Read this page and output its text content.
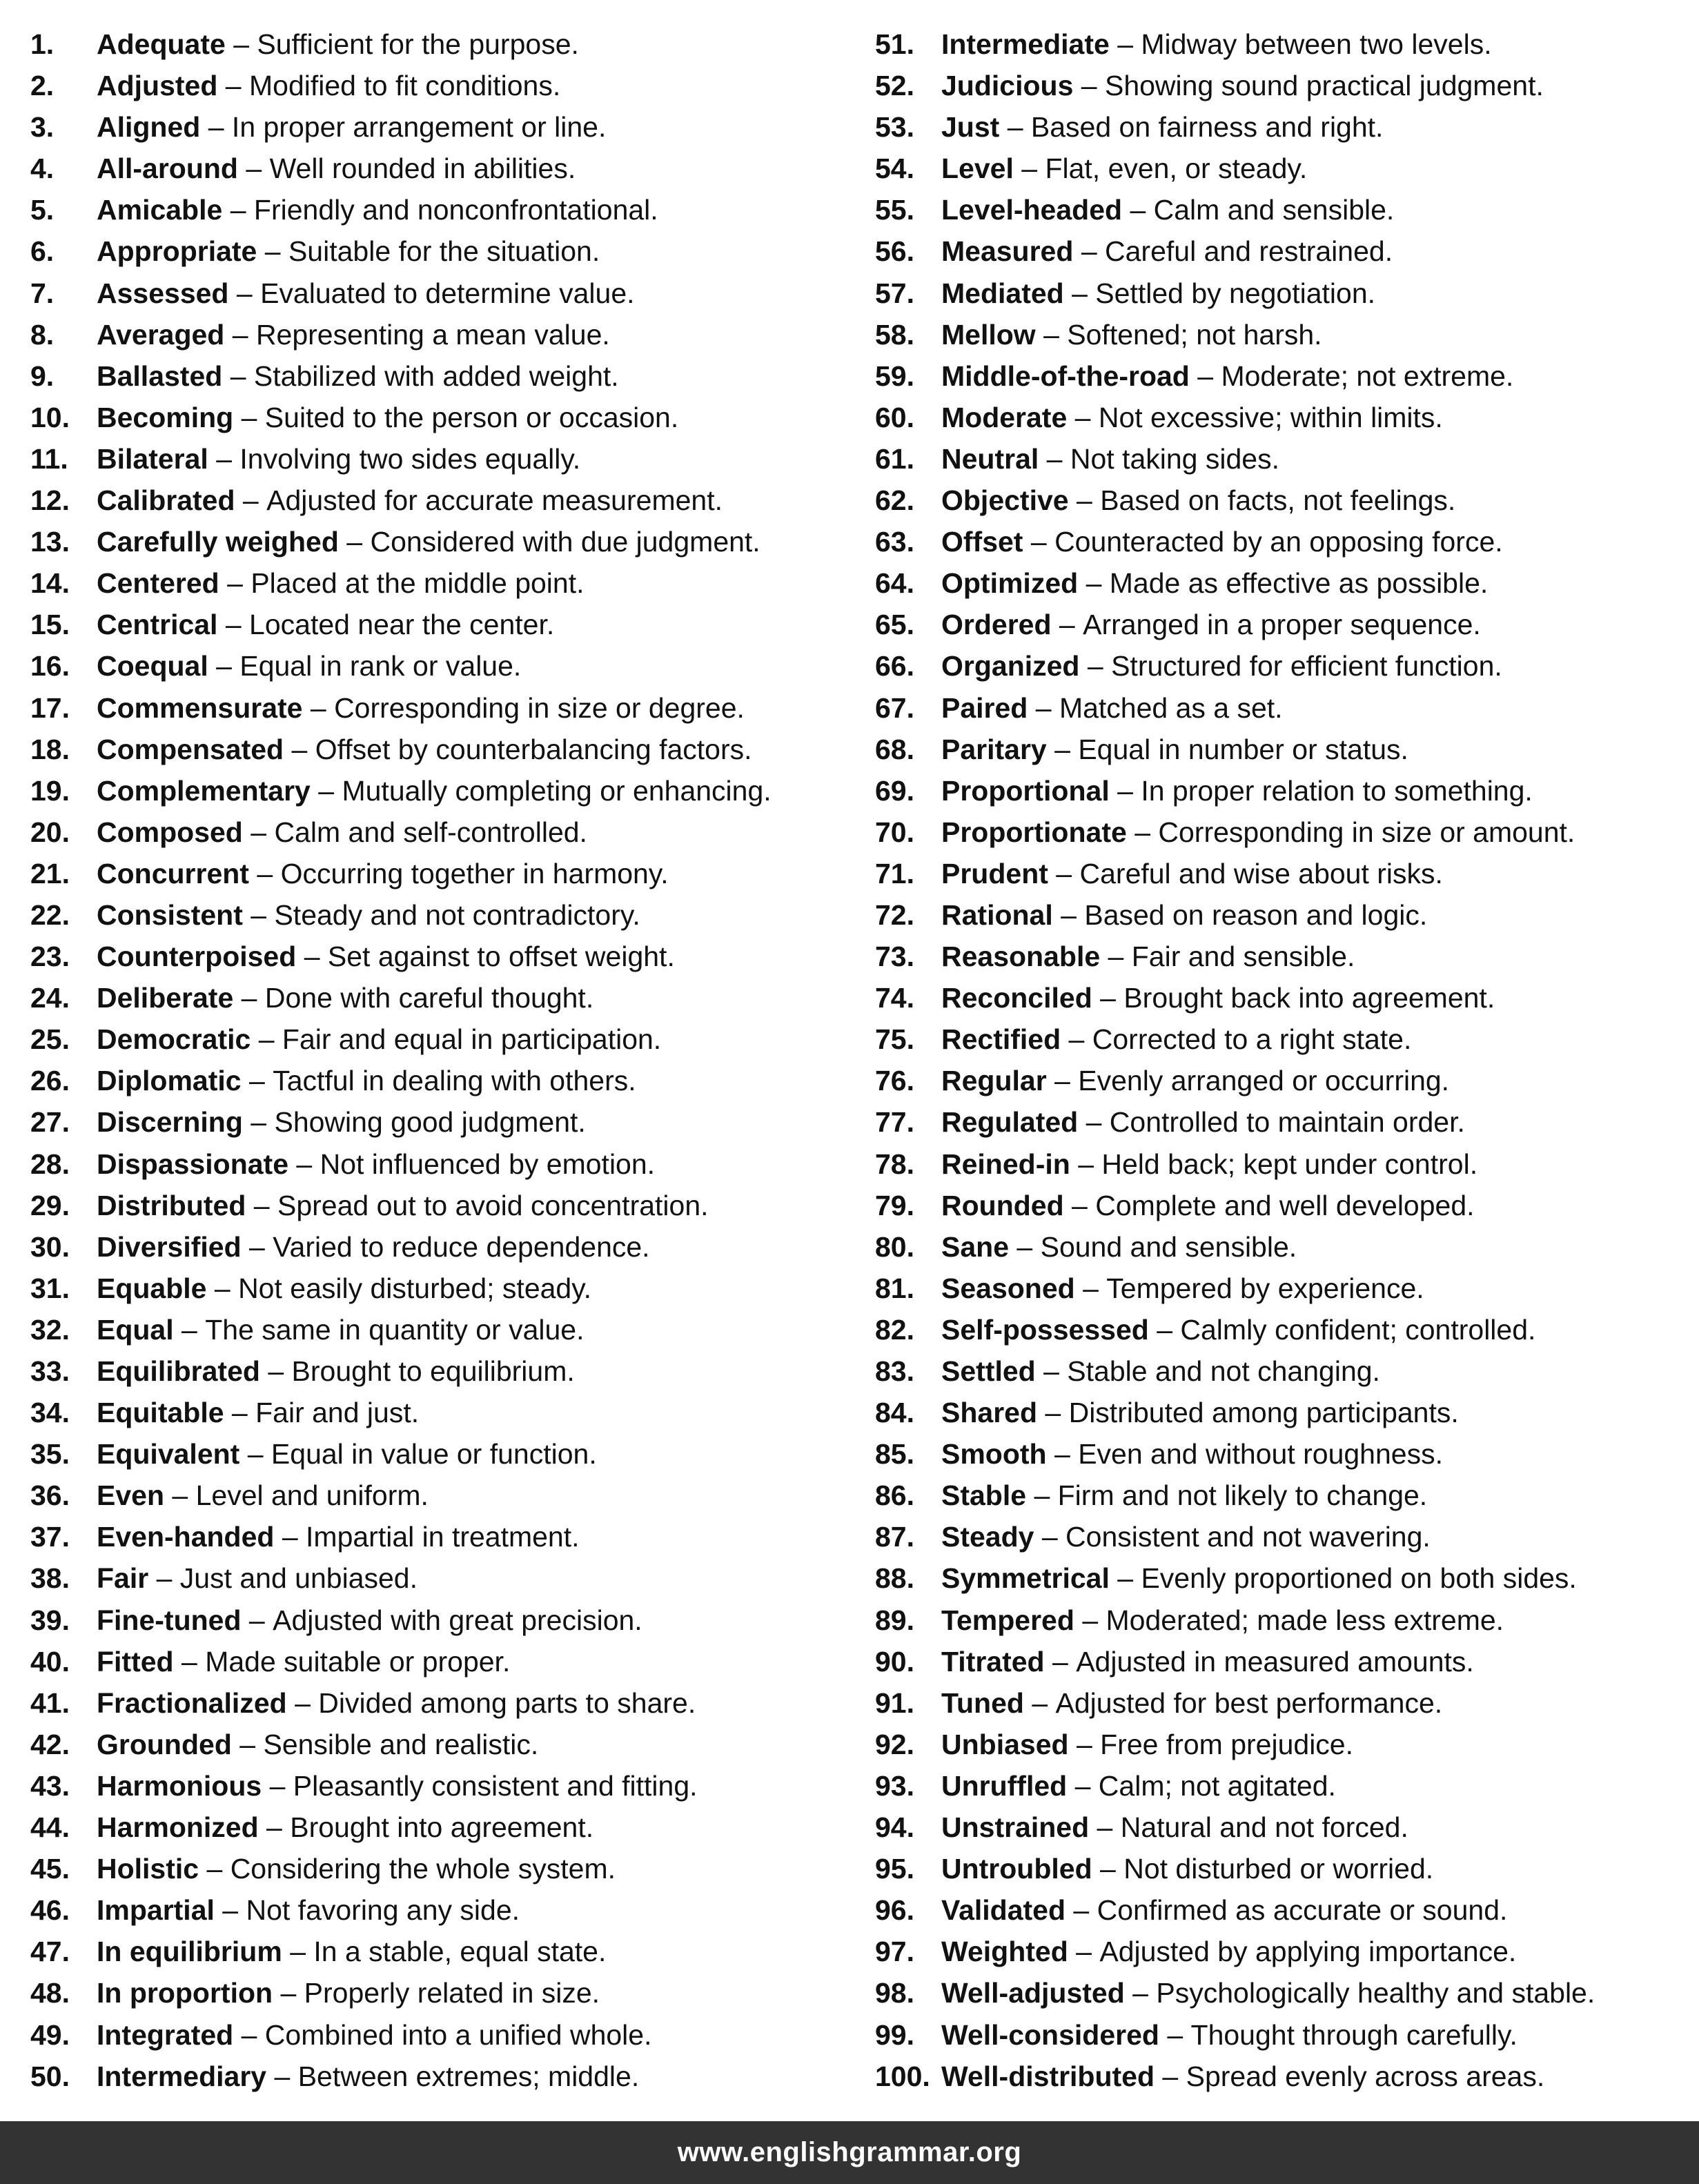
1.	Adequate – Sufficient for the purpose.
2.	Adjusted – Modified to fit conditions.
3.	Aligned – In proper arrangement or line.
4.	All-around – Well rounded in abilities.
5.	Amicable – Friendly and nonconfrontational.
6.	Appropriate – Suitable for the situation.
7.	Assessed – Evaluated to determine value.
8.	Averaged – Representing a mean value.
9.	Ballasted – Stabilized with added weight.
10. Becoming – Suited to the person or occasion.
11.	Bilateral – Involving two sides equally.
12. Calibrated – Adjusted for accurate measurement.
13. Carefully weighed – Considered with due judgment.
14. Centered – Placed at the middle point.
15. Centrical – Located near the center.
16. Coequal – Equal in rank or value.
17. Commensurate – Corresponding in size or degree.
18. Compensated – Offset by counterbalancing factors.
19. Complementary – Mutually completing or enhancing.
20. Composed – Calm and self-controlled.
21. Concurrent – Occurring together in harmony.
22. Consistent – Steady and not contradictory.
23. Counterpoised – Set against to offset weight.
24. Deliberate – Done with careful thought.
25. Democratic – Fair and equal in participation.
26. Diplomatic – Tactful in dealing with others.
27. Discerning – Showing good judgment.
28. Dispassionate – Not influenced by emotion.
29. Distributed – Spread out to avoid concentration.
30. Diversified – Varied to reduce dependence.
31. Equable – Not easily disturbed; steady.
32. Equal – The same in quantity or value.
33. Equilibrated – Brought to equilibrium.
34. Equitable – Fair and just.
35. Equivalent – Equal in value or function.
36. Even – Level and uniform.
37. Even-handed – Impartial in treatment.
38. Fair – Just and unbiased.
39. Fine-tuned – Adjusted with great precision.
40. Fitted – Made suitable or proper.
41. Fractionalized – Divided among parts to share.
42. Grounded – Sensible and realistic.
43. Harmonious – Pleasantly consistent and fitting.
44. Harmonized – Brought into agreement.
45. Holistic – Considering the whole system.
46. Impartial – Not favoring any side.
47. In equilibrium – In a stable, equal state.
48. In proportion – Properly related in size.
49. Integrated – Combined into a unified whole.
50. Intermediary – Between extremes; middle.
51. Intermediate – Midway between two levels.
52. Judicious – Showing sound practical judgment.
53. Just – Based on fairness and right.
54. Level – Flat, even, or steady.
55. Level-headed – Calm and sensible.
56. Measured – Careful and restrained.
57. Mediated – Settled by negotiation.
58. Mellow – Softened; not harsh.
59. Middle-of-the-road – Moderate; not extreme.
60. Moderate – Not excessive; within limits.
61. Neutral – Not taking sides.
62. Objective – Based on facts, not feelings.
63. Offset – Counteracted by an opposing force.
64. Optimized – Made as effective as possible.
65. Ordered – Arranged in a proper sequence.
66. Organized – Structured for efficient function.
67. Paired – Matched as a set.
68. Paritary – Equal in number or status.
69. Proportional – In proper relation to something.
70. Proportionate – Corresponding in size or amount.
71. Prudent – Careful and wise about risks.
72. Rational – Based on reason and logic.
73. Reasonable – Fair and sensible.
74. Reconciled – Brought back into agreement.
75. Rectified – Corrected to a right state.
76. Regular – Evenly arranged or occurring.
77. Regulated – Controlled to maintain order.
78. Reined-in – Held back; kept under control.
79. Rounded – Complete and well developed.
80. Sane – Sound and sensible.
81. Seasoned – Tempered by experience.
82. Self-possessed – Calmly confident; controlled.
83. Settled – Stable and not changing.
84. Shared – Distributed among participants.
85. Smooth – Even and without roughness.
86. Stable – Firm and not likely to change.
87. Steady – Consistent and not wavering.
88. Symmetrical – Evenly proportioned on both sides.
89. Tempered – Moderated; made less extreme.
90. Titrated – Adjusted in measured amounts.
91. Tuned – Adjusted for best performance.
92. Unbiased – Free from prejudice.
93. Unruffled – Calm; not agitated.
94. Unstrained – Natural and not forced.
95. Untroubled – Not disturbed or worried.
96. Validated – Confirmed as accurate or sound.
97. Weighted – Adjusted by applying importance.
98. Well-adjusted – Psychologically healthy and stable.
99. Well-considered – Thought through carefully.
100. Well-distributed – Spread evenly across areas.
www.englishgrammar.org
